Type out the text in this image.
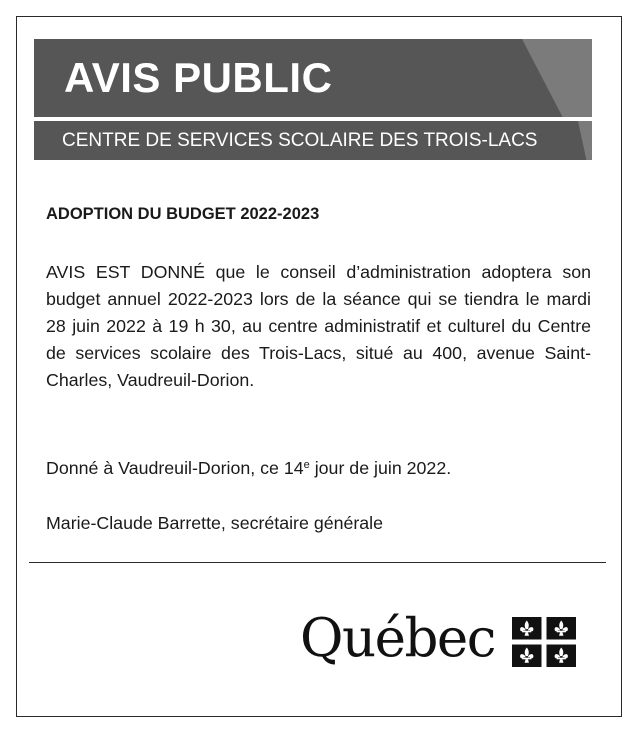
AVIS PUBLIC

CENTRE DE SERVICES SCOLAIRE DES TROIS-LACS

ADOPTION DU BUDGET 2022-2023

AVIS EST DONNÉ que le conseil d’administration adoptera son budget annuel 2022-2023 lors de la séance qui se tiendra le mardi 28 juin 2022 à 19 h 30, au centre administratif et culturel du Centre de services scolaire des Trois-Lacs, situé au 400, avenue Saint-Charles, Vaudreuil-Dorion.

Donné à Vaudreuil-Dorion, ce 14e jour de juin 2022.

Marie-Claude Barrette, secrétaire générale

Québec
